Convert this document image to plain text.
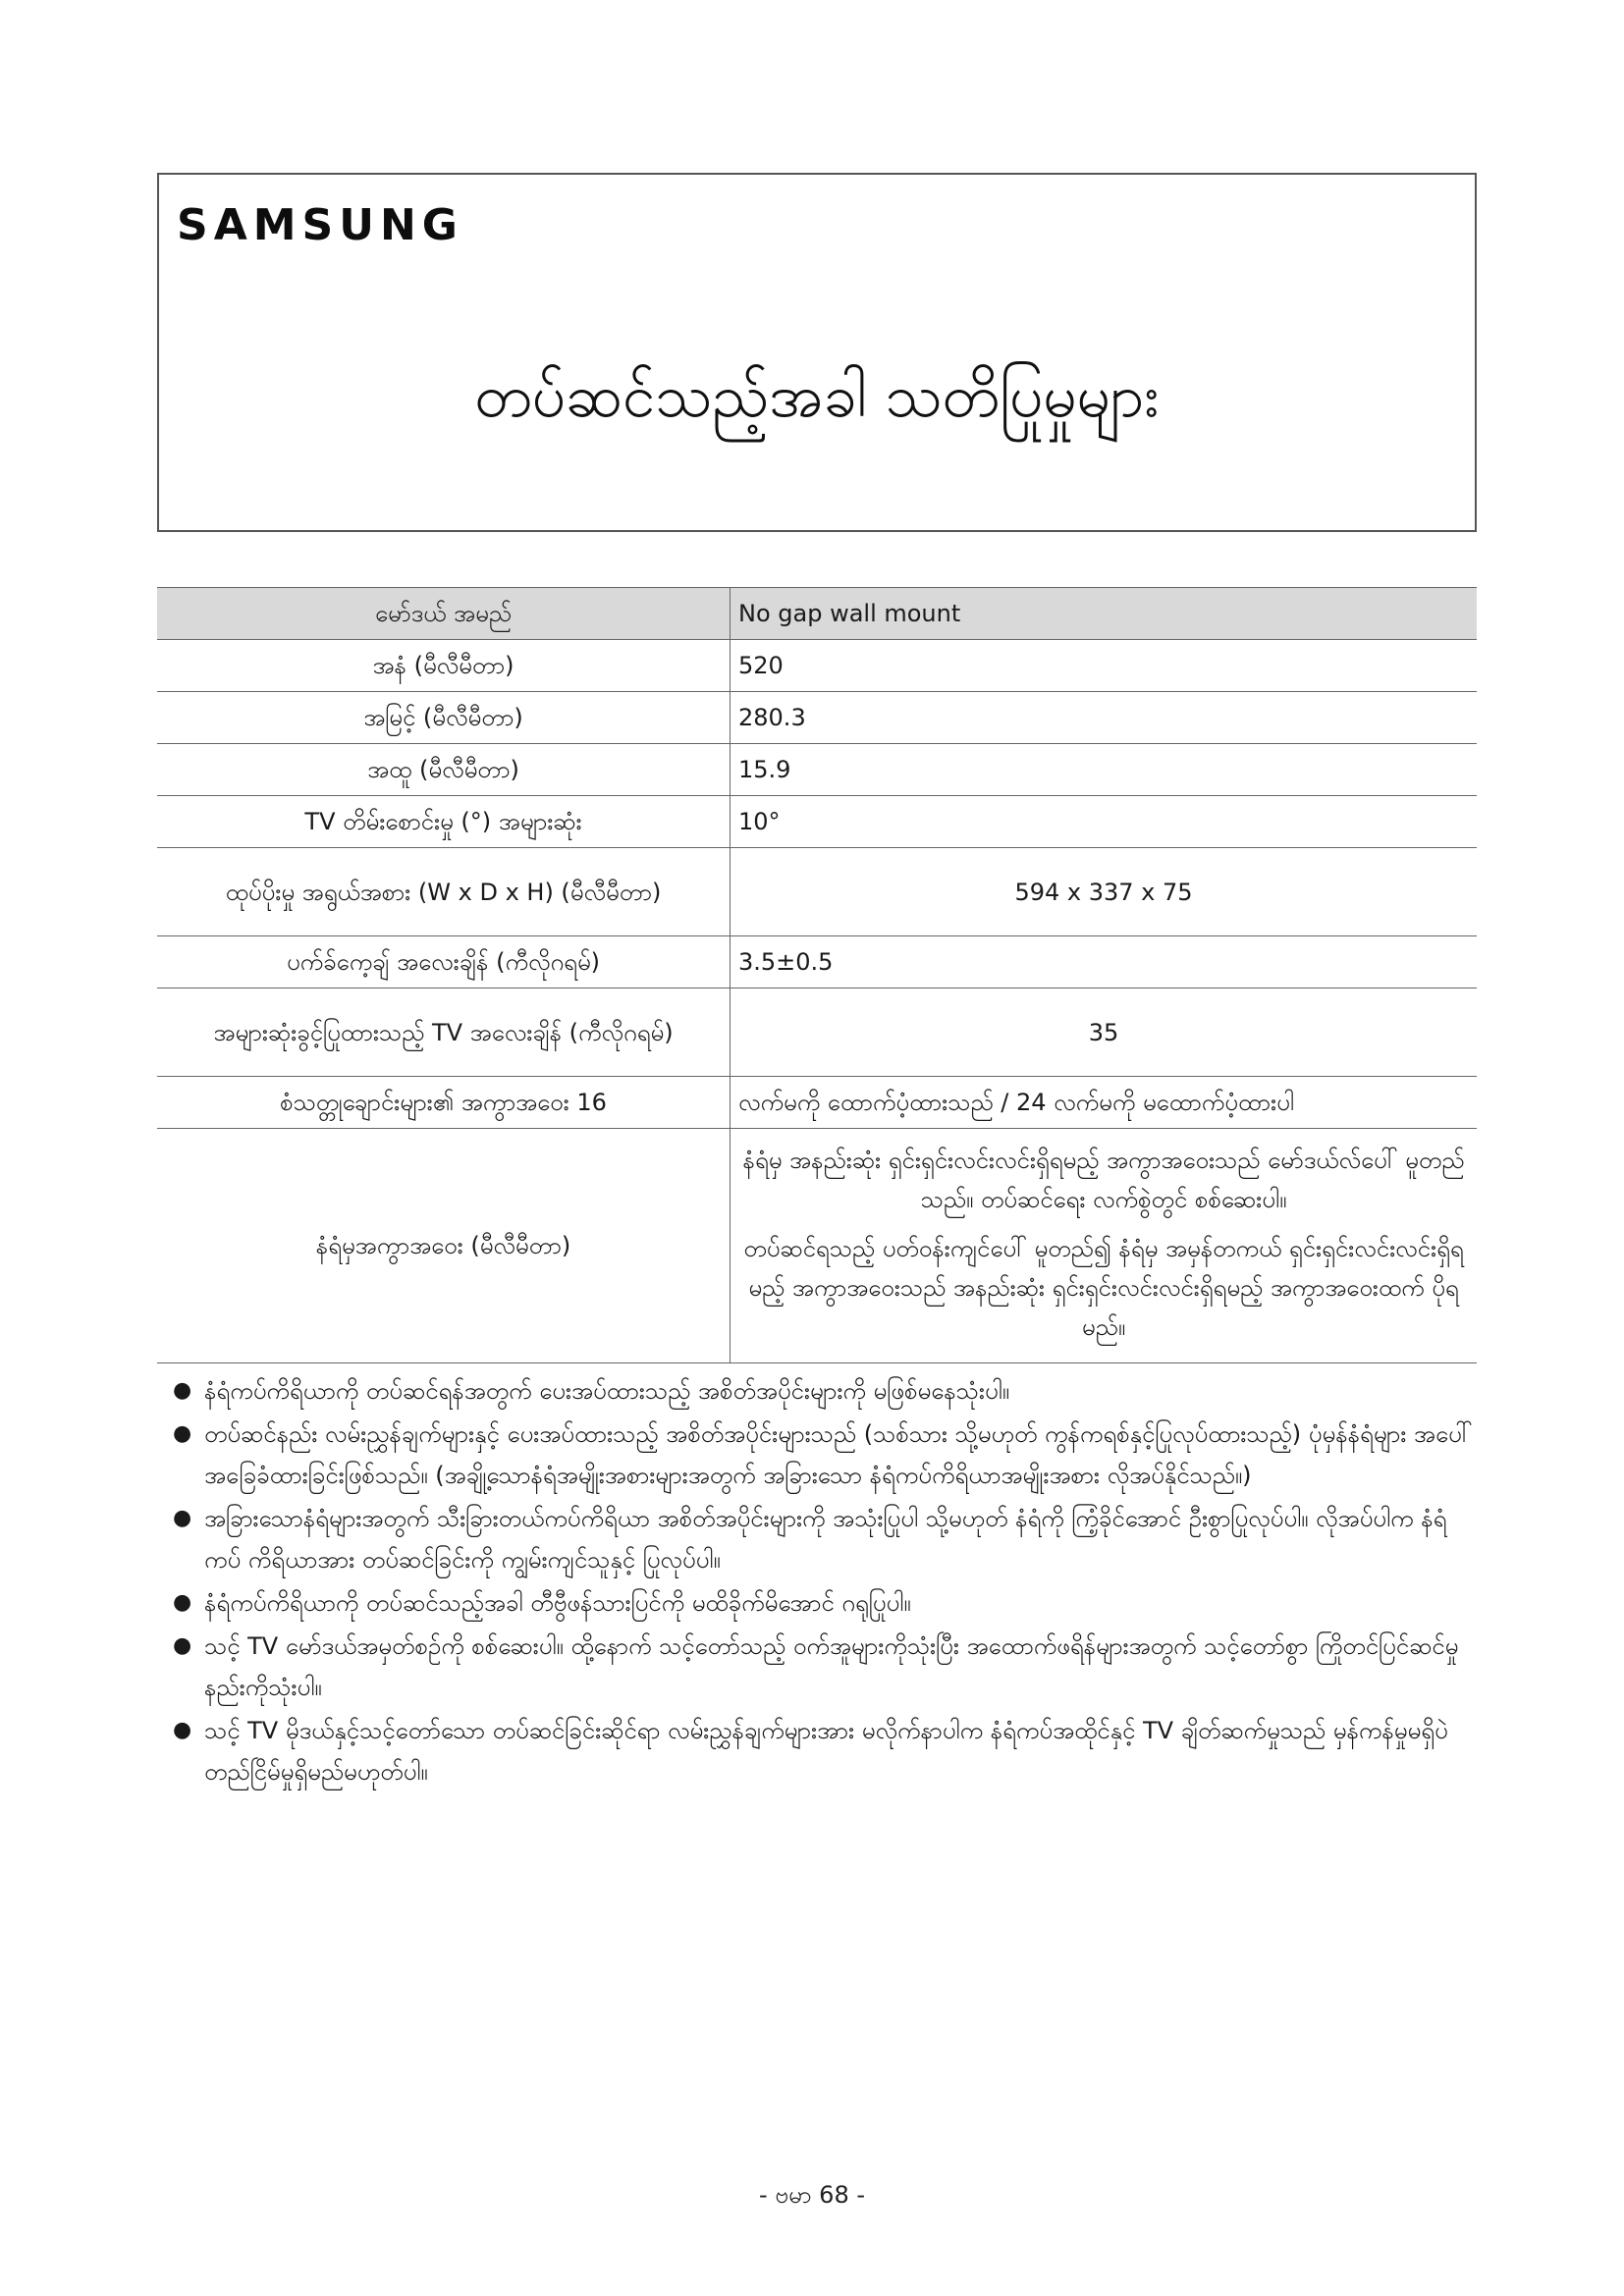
SAMSUNG
တပ်ဆင်သည့်အခါ သတိပြုမှုများ
မော်ဒယ် အမည်	No gap wall mount
အနံ (မီလီမီတာ)	520
အမြင့် (မီလီမီတာ)	280.3
အထူ (မီလီမီတာ)	15.9
TV တိမ်းစောင်းမှု (°) အများဆုံး	10°
ထုပ်ပိုးမှု အရွယ်အစား (W x D x H) (မီလီမီတာ)	594 x 337 x 75
ပက်ခ်ကေ့ချ် အလေးချိန် (ကီလိုဂရမ်)	3.5±0.5
အများဆုံးခွင့်ပြုထားသည့် TV အလေးချိန် (ကီလိုဂရမ်)	35
စံသတ္တုချောင်းများ၏ အကွာအဝေး 16	လက်မကို ထောက်ပံ့ထားသည် / 24 လက်မကို မထောက်ပံ့ထားပါ
နံရံမှအကွာအဝေး (မီလီမီတာ)	နံရံမှ အနည်းဆုံး ရှင်းရှင်းလင်းလင်းရှိရမည့် အကွာအဝေးသည် မော်ဒယ်လ်ပေါ် မူတည်သည်။ တပ်ဆင်ရေး လက်စွဲတွင် စစ်ဆေးပါ။
တပ်ဆင်ရသည့် ပတ်ဝန်းကျင်ပေါ် မူတည်၍ နံရံမှ အမှန်တကယ် ရှင်းရှင်းလင်းလင်းရှိရမည့် အကွာအဝေးသည် အနည်းဆုံး ရှင်းရှင်းလင်းလင်းရှိရမည့် အကွာအဝေးထက် ပိုရမည်။
● နံရံကပ်ကိရိယာကို တပ်ဆင်ရန်အတွက် ပေးအပ်ထားသည့် အစိတ်အပိုင်းများကို မဖြစ်မနေသုံးပါ။
● တပ်ဆင်နည်း လမ်းညွှန်ချက်များနှင့် ပေးအပ်ထားသည့် အစိတ်အပိုင်းများသည် (သစ်သား သို့မဟုတ် ကွန်ကရစ်နှင့်ပြုလုပ်ထားသည့်) ပုံမှန်နံရံများ အပေါ် အခြေခံထားခြင်းဖြစ်သည်။ (အချို့သောနံရံအမျိုးအစားများအတွက် အခြားသော နံရံကပ်ကိရိယာအမျိုးအစား လိုအပ်နိုင်သည်။)
● အခြားသောနံရံများအတွက် သီးခြားတယ်ကပ်ကိရိယာ အစိတ်အပိုင်းများကို အသုံးပြုပါ သို့မဟုတ် နံရံကို ကြံ့ခိုင်အောင် ဦးစွာပြုလုပ်ပါ။ လိုအပ်ပါက နံရံကပ် ကိရိယာအား တပ်ဆင်ခြင်းကို ကျွမ်းကျင်သူနှင့် ပြုလုပ်ပါ။
● နံရံကပ်ကိရိယာကို တပ်ဆင်သည့်အခါ တီဗွီဖန်သားပြင်ကို မထိခိုက်မိအောင် ဂရုပြုပါ။
● သင့် TV မော်ဒယ်အမှတ်စဉ်ကို စစ်ဆေးပါ။ ထို့နောက် သင့်တော်သည့် ဝက်အူများကိုသုံးပြီး အထောက်ဖရိန်များအတွက် သင့်တော်စွာ ကြိုတင်ပြင်ဆင်မှုနည်းကိုသုံးပါ။
● သင့် TV မိုဒယ်နှင့်သင့်တော်သော တပ်ဆင်ခြင်းဆိုင်ရာ လမ်းညွှန်ချက်များအား မလိုက်နာပါက နံရံကပ်အထိုင်နှင့် TV ချိတ်ဆက်မှုသည် မှန်ကန်မှုမရှိပဲ တည်ငြိမ်မှုရှိမည်မဟုတ်ပါ။
- ဗမာ 68 -
